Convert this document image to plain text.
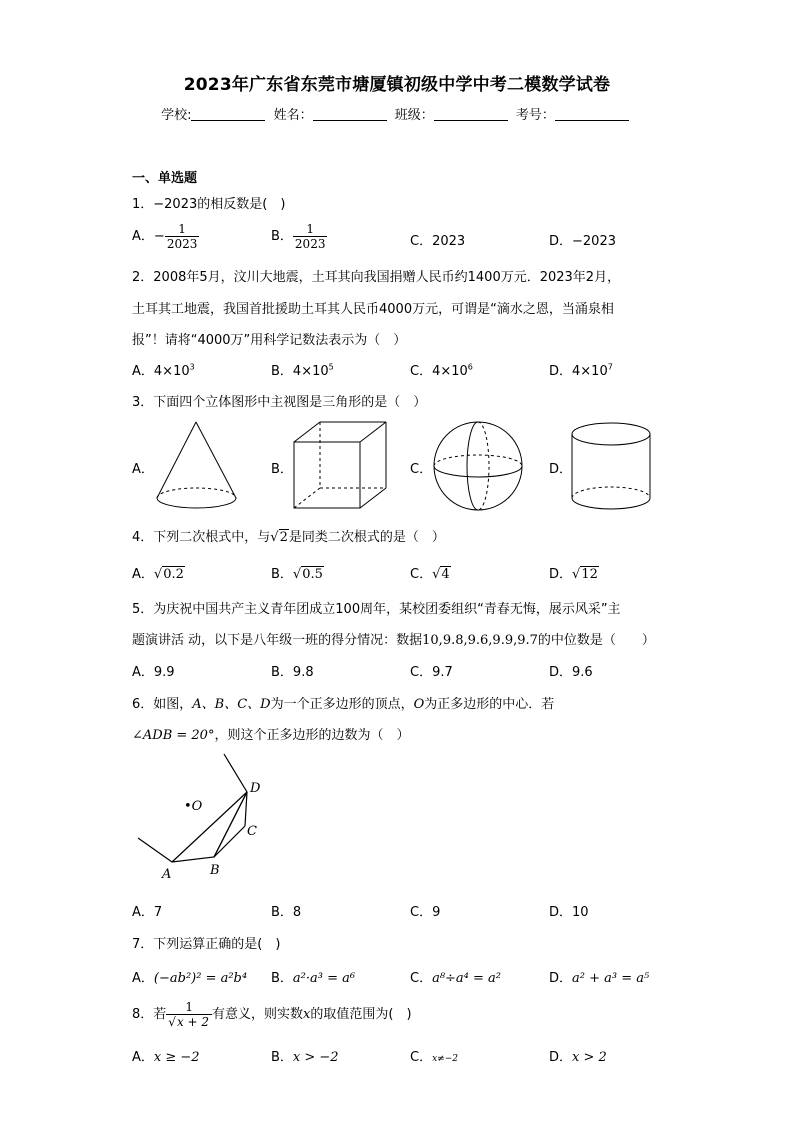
2023年广东省东莞市塘厦镇初级中学中考二模数学试卷
学校:	姓名：	班级：	考号：
一、单选题
1．−2023的相反数是(　)
A．− $\frac{1}{2023}$	B． $\frac{1}{2023}$	C．2023	D．−2023
2．2008年5月，汶川大地震，土耳其向我国捐赠人民币约1400万元．2023年2月，
土耳其工地震，我国首批援助土耳其人民币4000万元，可谓是“滴水之恩，当涌泉相
报”！请将“4000万”用科学记数法表示为（　）
A．$4\times 10^3$	B．$4\times 10^5$	C．$4\times 10^6$	D．$4\times 10^7$
3．下面四个立体图形中主视图是三角形的是（　）
A．	B．	C．	D．
4．下列二次根式中，与√2是同类二次根式的是（　）
A．√0.2	B．√0.5	C．√4	D．√12
5．为庆祝中国共产主义青年团成立100周年，某校团委组织“青春无悔，展示风采”主
题演讲活 动，以下是八年级一班的得分情况：数据10,9.8,9.6,9.9,9.7的中位数是（　　）
A．9.9	B．9.8	C．9.7	D．9.6
6．如图，A、B、C、D为一个正多边形的顶点，O为正多边形的中心．若
∠ADB = 20°，则这个正多边形的边数为（　）
•O
D
C
A	B
A．7	B．8	C．9	D．10
7．下列运算正确的是(　)
A．(−ab²)² = a²b⁴ B．a²·a³ = a⁶	C．a⁸÷a⁴ = a²	D．a² + a³ = a⁵
8．若 $\frac{1}{√x + 2}$ 有意义，则实数x的取值范围为(　)
A．x ≥ −2	B．x > −2	C．x≠−2	D．x > 2
